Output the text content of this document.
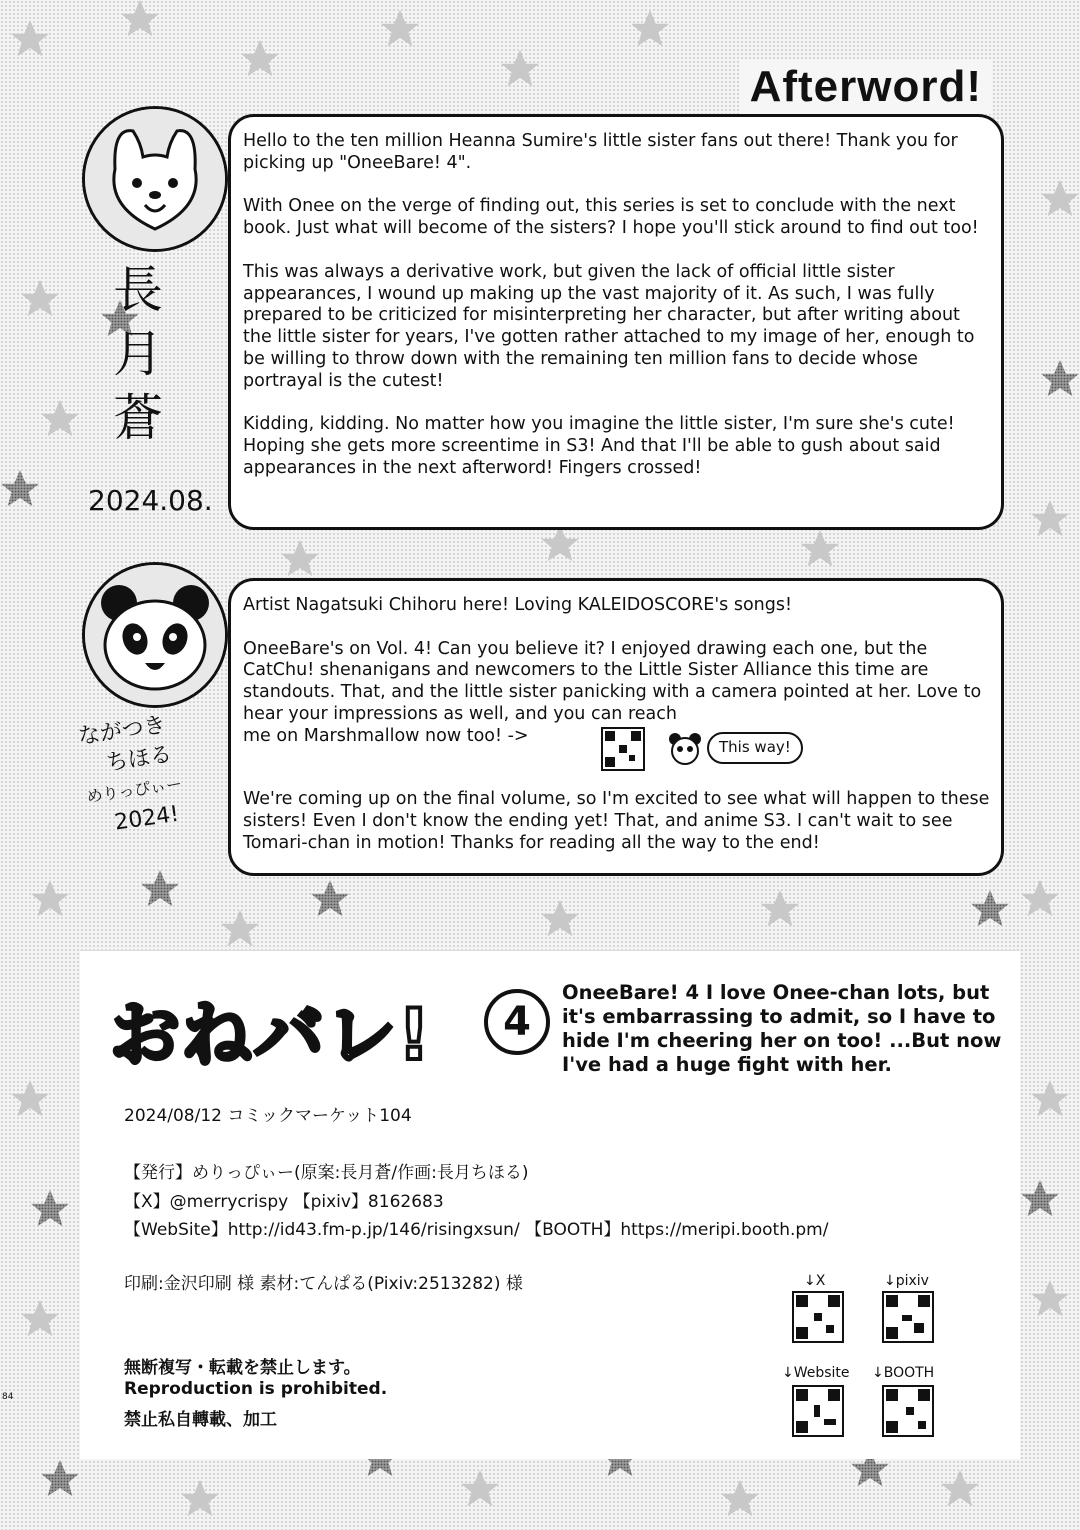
Afterword!
長月蒼
2024.08.

Hello to the ten million Heanna Sumire's little sister fans out there! Thank you for picking up "OneeBare! 4".

With Onee on the verge of finding out, this series is set to conclude with the next book. Just what will become of the sisters? I hope you'll stick around to find out too!

This was always a derivative work, but given the lack of official little sister appearances, I wound up making up the vast majority of it. As such, I was fully prepared to be criticized for misinterpreting her character, but after writing about the little sister for years, I've gotten rather attached to my image of her, enough to be willing to throw down with the remaining ten million fans to decide whose portrayal is the cutest!

Kidding, kidding. No matter how you imagine the little sister, I'm sure she's cute! Hoping she gets more screentime in S3! And that I'll be able to gush about said appearances in the next afterword! Fingers crossed!

ながつき
ちほる
めりっぴぃー
2024!

Artist Nagatsuki Chihoru here! Loving KALEIDOSCORE's songs!

OneeBare's on Vol. 4! Can you believe it? I enjoyed drawing each one, but the CatChu! shenanigans and newcomers to the Little Sister Alliance this time are standouts. That, and the little sister panicking with a camera pointed at her. Love to hear your impressions as well, and you can reach
me on Marshmallow now too! ->

This way!

We're coming up on the final volume, so I'm excited to see what will happen to these sisters! Even I don't know the ending yet! That, and anime S3. I can't wait to see Tomari-chan in motion! Thanks for reading all the way to the end!

おねバレ!	4
OneeBare! 4 I love Onee-chan lots, but it's embarrassing to admit, so I have to hide I'm cheering her on too! ...But now I've had a huge fight with her.
2024/08/12 コミックマーケット104
【発行】めりっぴぃー(原案:長月蒼/作画:長月ちほる)
【X】@merrycrispy 【pixiv】8162683
【WebSite】http://id43.fm-p.jp/146/risingxsun/ 【BOOTH】https://meripi.booth.pm/
印刷:金沢印刷 様 素材:てんぱる(Pixiv:2513282) 様
無断複写・転載を禁止します。
Reproduction is prohibited.
禁止私自轉載、加工
↓X	↓pixiv
↓Website ↓BOOTH
84
